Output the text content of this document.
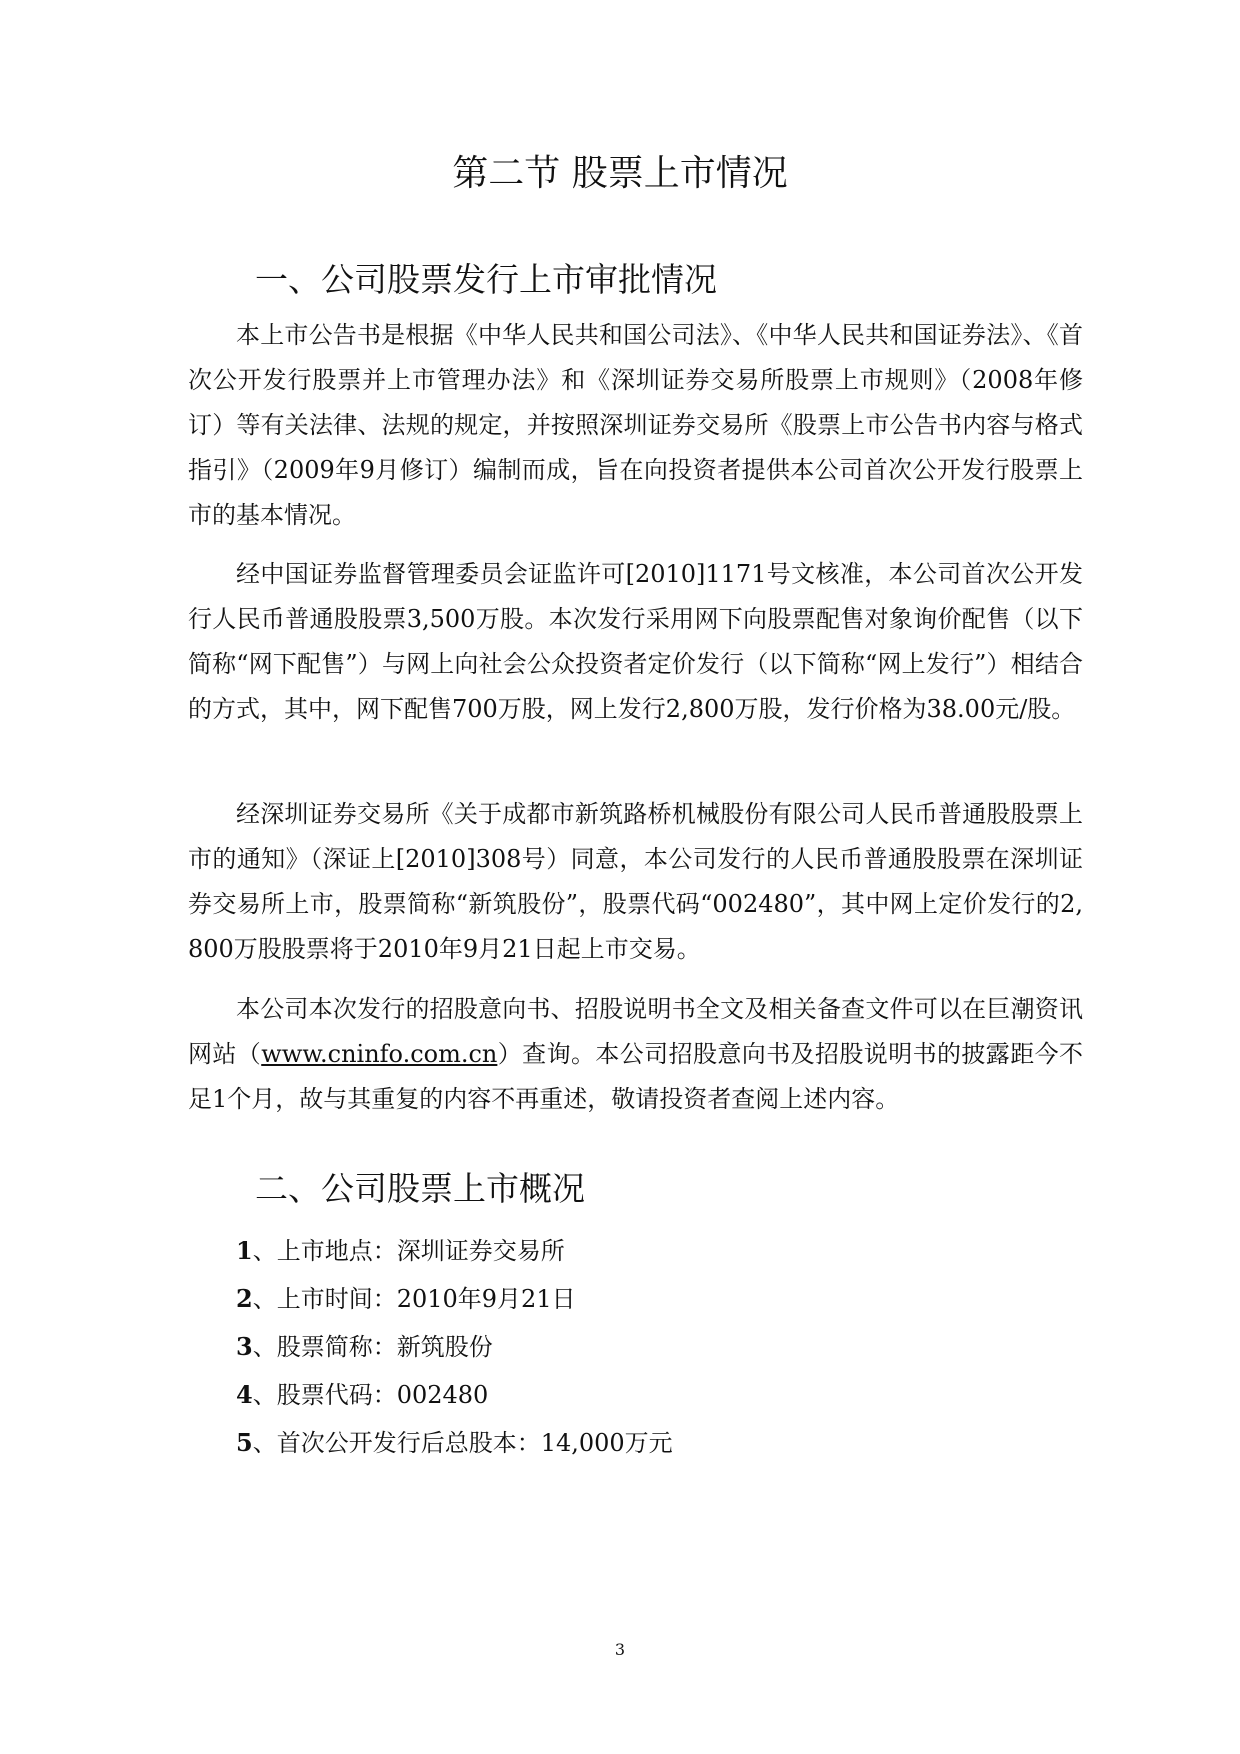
第二节 股票上市情况
一、公司股票发行上市审批情况

本上市公告书是根据《中华人民共和国公司法》、《中华人民共和国证券法》、《首次公开发行股票并上市管理办法》和《深圳证券交易所股票上市规则》（2008年修订）等有关法律、法规的规定，并按照深圳证券交易所《股票上市公告书内容与格式指引》（2009年9月修订）编制而成，旨在向投资者提供本公司首次公开发行股票上市的基本情况。

经中国证券监督管理委员会证监许可[2010]1171号文核准，本公司首次公开发行人民币普通股股票3,500万股。本次发行采用网下向股票配售对象询价配售（以下简称“网下配售”）与网上向社会公众投资者定价发行（以下简称“网上发行”）相结合的方式，其中，网下配售700万股，网上发行2,800万股，发行价格为38.00元/股。

经深圳证券交易所《关于成都市新筑路桥机械股份有限公司人民币普通股股票上市的通知》（深证上[2010]308号）同意，本公司发行的人民币普通股股票在深圳证券交易所上市，股票简称“新筑股份”，股票代码“002480”，其中网上定价发行的2,800万股股票将于2010年9月21日起上市交易。

本公司本次发行的招股意向书、招股说明书全文及相关备查文件可以在巨潮资讯网站（www.cninfo.com.cn）查询。本公司招股意向书及招股说明书的披露距今不足1个月，故与其重复的内容不再重述，敬请投资者查阅上述内容。

二、公司股票上市概况
1、上市地点：深圳证券交易所
2、上市时间：2010年9月21日
3、股票简称：新筑股份
4、股票代码：002480
5、首次公开发行后总股本：14,000万元
3
